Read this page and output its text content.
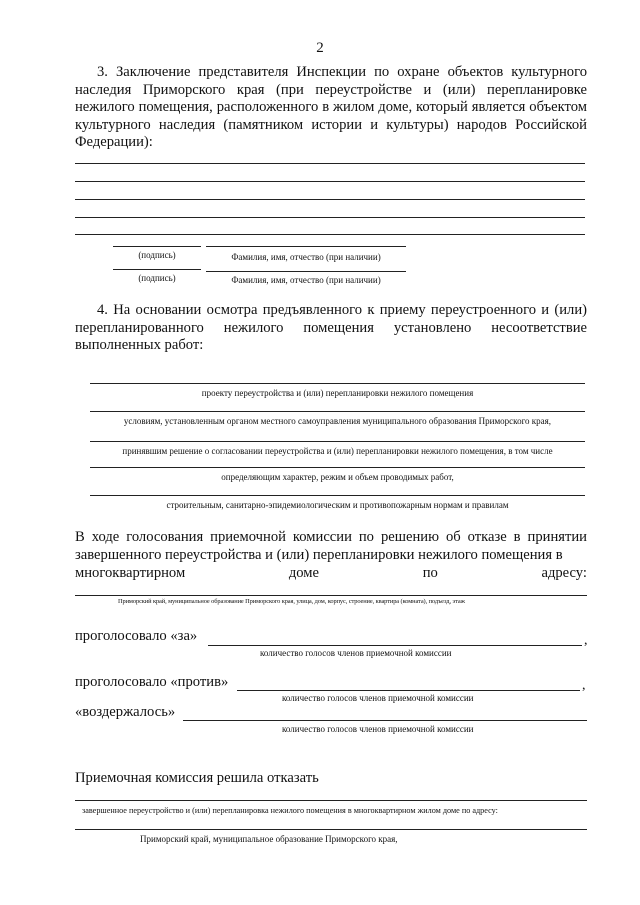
2
3. Заключение представителя Инспекции по охране объектов культурного наследия Приморского края (при переустройстве и (или) перепланировке нежилого помещения, расположенного в жилом доме, который является объектом культурного наследия (памятником истории и культуры) народов Российской Федерации):
(подпись)	Фамилия, имя, отчество (при наличии)
(подпись)	Фамилия, имя, отчество (при наличии)
4. На основании осмотра предъявленного к приему переустроенного и (или) перепланированного нежилого помещения установлено несоответствие выполненных работ:
проекту переустройства и (или) перепланировки нежилого помещения
условиям, установленным органом местного самоуправления муниципального образования Приморского края,
принявшим решение о согласовании переустройства и (или) перепланировки нежилого помещения, в том числе
определяющим характер, режим и объем проводимых работ,
строительным, санитарно-эпидемиологическим и противопожарным нормам и правилам
В ходе голосования приемочной комиссии по решению об отказе в принятии завершенного переустройства и (или) перепланировки нежилого помещения в
многоквартирном	доме	по	адресу:
Приморский край, муниципальное образование Приморского края, улица, дом, корпус, строение, квартира (комната), подъезд, этаж
проголосовало «за»	,
количество голосов членов приемочной комиссии
проголосовало «против»	,
количество голосов членов приемочной комиссии
«воздержалось»
количество голосов членов приемочной комиссии
Приемочная комиссия решила отказать
завершенное переустройство и (или) перепланировка нежилого помещения в многоквартирном жилом доме по адресу:
Приморский край, муниципальное образование Приморского края,
